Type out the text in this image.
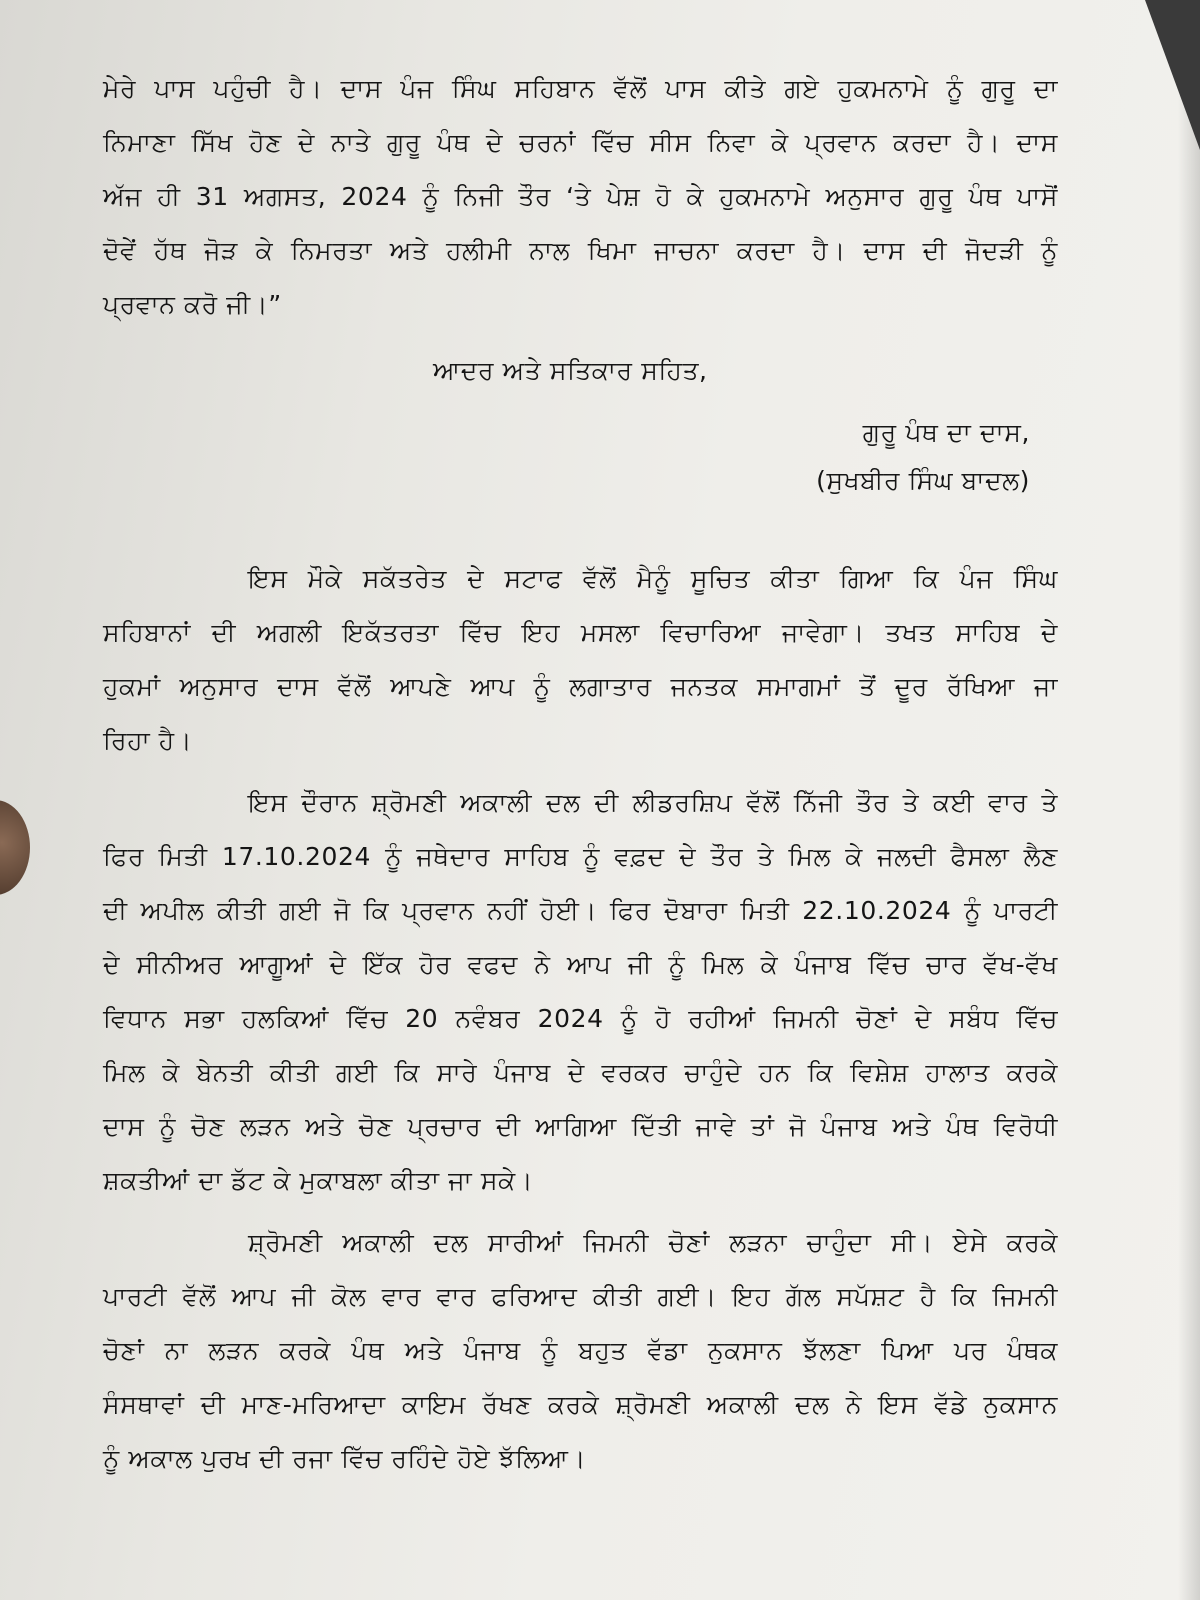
ਮੇਰੇ ਪਾਸ ਪਹੁੰਚੀ ਹੈ। ਦਾਸ ਪੰਜ ਸਿੰਘ ਸਹਿਬਾਨ ਵੱਲੋਂ ਪਾਸ ਕੀਤੇ ਗਏ ਹੁਕਮਨਾਮੇ ਨੂੰ ਗੁਰੂ ਦਾ
ਨਿਮਾਣਾ ਸਿੱਖ ਹੋਣ ਦੇ ਨਾਤੇ ਗੁਰੂ ਪੰਥ ਦੇ ਚਰਨਾਂ ਵਿੱਚ ਸੀਸ ਨਿਵਾ ਕੇ ਪ੍ਰਵਾਨ ਕਰਦਾ ਹੈ। ਦਾਸ
ਅੱਜ ਹੀ 31 ਅਗਸਤ, 2024 ਨੂੰ ਨਿਜੀ ਤੌਰ ‘ਤੇ ਪੇਸ਼ ਹੋ ਕੇ ਹੁਕਮਨਾਮੇ ਅਨੁਸਾਰ ਗੁਰੂ ਪੰਥ ਪਾਸੋਂ
ਦੋਵੇਂ ਹੱਥ ਜੋੜ ਕੇ ਨਿਮਰਤਾ ਅਤੇ ਹਲੀਮੀ ਨਾਲ ਖਿਮਾ ਜਾਚਨਾ ਕਰਦਾ ਹੈ। ਦਾਸ ਦੀ ਜੋਦੜੀ ਨੂੰ
ਪ੍ਰਵਾਨ ਕਰੋ ਜੀ।”
ਆਦਰ ਅਤੇ ਸਤਿਕਾਰ ਸਹਿਤ,
ਗੁਰੂ ਪੰਥ ਦਾ ਦਾਸ,
(ਸੁਖਬੀਰ ਸਿੰਘ ਬਾਦਲ)
ਇਸ ਮੌਕੇ ਸਕੱਤਰੇਤ ਦੇ ਸਟਾਫ ਵੱਲੋਂ ਮੈਨੂੰ ਸੂਚਿਤ ਕੀਤਾ ਗਿਆ ਕਿ ਪੰਜ ਸਿੰਘ
ਸਹਿਬਾਨਾਂ ਦੀ ਅਗਲੀ ਇਕੱਤਰਤਾ ਵਿੱਚ ਇਹ ਮਸਲਾ ਵਿਚਾਰਿਆ ਜਾਵੇਗਾ। ਤਖਤ ਸਾਹਿਬ ਦੇ
ਹੁਕਮਾਂ ਅਨੁਸਾਰ ਦਾਸ ਵੱਲੋਂ ਆਪਣੇ ਆਪ ਨੂੰ ਲਗਾਤਾਰ ਜਨਤਕ ਸਮਾਗਮਾਂ ਤੋਂ ਦੂਰ ਰੱਖਿਆ ਜਾ
ਰਿਹਾ ਹੈ।
ਇਸ ਦੌਰਾਨ ਸ਼੍ਰੋਮਣੀ ਅਕਾਲੀ ਦਲ ਦੀ ਲੀਡਰਸ਼ਿਪ ਵੱਲੋਂ ਨਿੱਜੀ ਤੌਰ ਤੇ ਕਈ ਵਾਰ ਤੇ
ਫਿਰ ਮਿਤੀ 17.10.2024 ਨੂੰ ਜਥੇਦਾਰ ਸਾਹਿਬ ਨੂੰ ਵਫ਼ਦ ਦੇ ਤੌਰ ਤੇ ਮਿਲ ਕੇ ਜਲਦੀ ਫੈਸਲਾ ਲੈਣ
ਦੀ ਅਪੀਲ ਕੀਤੀ ਗਈ ਜੋ ਕਿ ਪ੍ਰਵਾਨ ਨਹੀਂ ਹੋਈ। ਫਿਰ ਦੋਬਾਰਾ ਮਿਤੀ 22.10.2024 ਨੂੰ ਪਾਰਟੀ
ਦੇ ਸੀਨੀਅਰ ਆਗੂਆਂ ਦੇ ਇੱਕ ਹੋਰ ਵਫਦ ਨੇ ਆਪ ਜੀ ਨੂੰ ਮਿਲ ਕੇ ਪੰਜਾਬ ਵਿੱਚ ਚਾਰ ਵੱਖ-ਵੱਖ
ਵਿਧਾਨ ਸਭਾ ਹਲਕਿਆਂ ਵਿੱਚ 20 ਨਵੰਬਰ 2024 ਨੂੰ ਹੋ ਰਹੀਆਂ ਜਿਮਨੀ ਚੋਣਾਂ ਦੇ ਸਬੰਧ ਵਿੱਚ
ਮਿਲ ਕੇ ਬੇਨਤੀ ਕੀਤੀ ਗਈ ਕਿ ਸਾਰੇ ਪੰਜਾਬ ਦੇ ਵਰਕਰ ਚਾਹੁੰਦੇ ਹਨ ਕਿ ਵਿਸ਼ੇਸ਼ ਹਾਲਾਤ ਕਰਕੇ
ਦਾਸ ਨੂੰ ਚੋਣ ਲੜਨ ਅਤੇ ਚੋਣ ਪ੍ਰਚਾਰ ਦੀ ਆਗਿਆ ਦਿੱਤੀ ਜਾਵੇ ਤਾਂ ਜੋ ਪੰਜਾਬ ਅਤੇ ਪੰਥ ਵਿਰੋਧੀ
ਸ਼ਕਤੀਆਂ ਦਾ ਡੱਟ ਕੇ ਮੁਕਾਬਲਾ ਕੀਤਾ ਜਾ ਸਕੇ।
ਸ਼੍ਰੋਮਣੀ ਅਕਾਲੀ ਦਲ ਸਾਰੀਆਂ ਜਿਮਨੀ ਚੋਣਾਂ ਲੜਨਾ ਚਾਹੁੰਦਾ ਸੀ। ਏਸੇ ਕਰਕੇ
ਪਾਰਟੀ ਵੱਲੋਂ ਆਪ ਜੀ ਕੋਲ ਵਾਰ ਵਾਰ ਫਰਿਆਦ ਕੀਤੀ ਗਈ। ਇਹ ਗੱਲ ਸਪੱਸ਼ਟ ਹੈ ਕਿ ਜਿਮਨੀ
ਚੋਣਾਂ ਨਾ ਲੜਨ ਕਰਕੇ ਪੰਥ ਅਤੇ ਪੰਜਾਬ ਨੂੰ ਬਹੁਤ ਵੱਡਾ ਨੁਕਸਾਨ ਝੱਲਣਾ ਪਿਆ ਪਰ ਪੰਥਕ
ਸੰਸਥਾਵਾਂ ਦੀ ਮਾਣ-ਮਰਿਆਦਾ ਕਾਇਮ ਰੱਖਣ ਕਰਕੇ ਸ਼੍ਰੋਮਣੀ ਅਕਾਲੀ ਦਲ ਨੇ ਇਸ ਵੱਡੇ ਨੁਕਸਾਨ
ਨੂੰ ਅਕਾਲ ਪੁਰਖ ਦੀ ਰਜਾ ਵਿੱਚ ਰਹਿੰਦੇ ਹੋਏ ਝੱਲਿਆ।
